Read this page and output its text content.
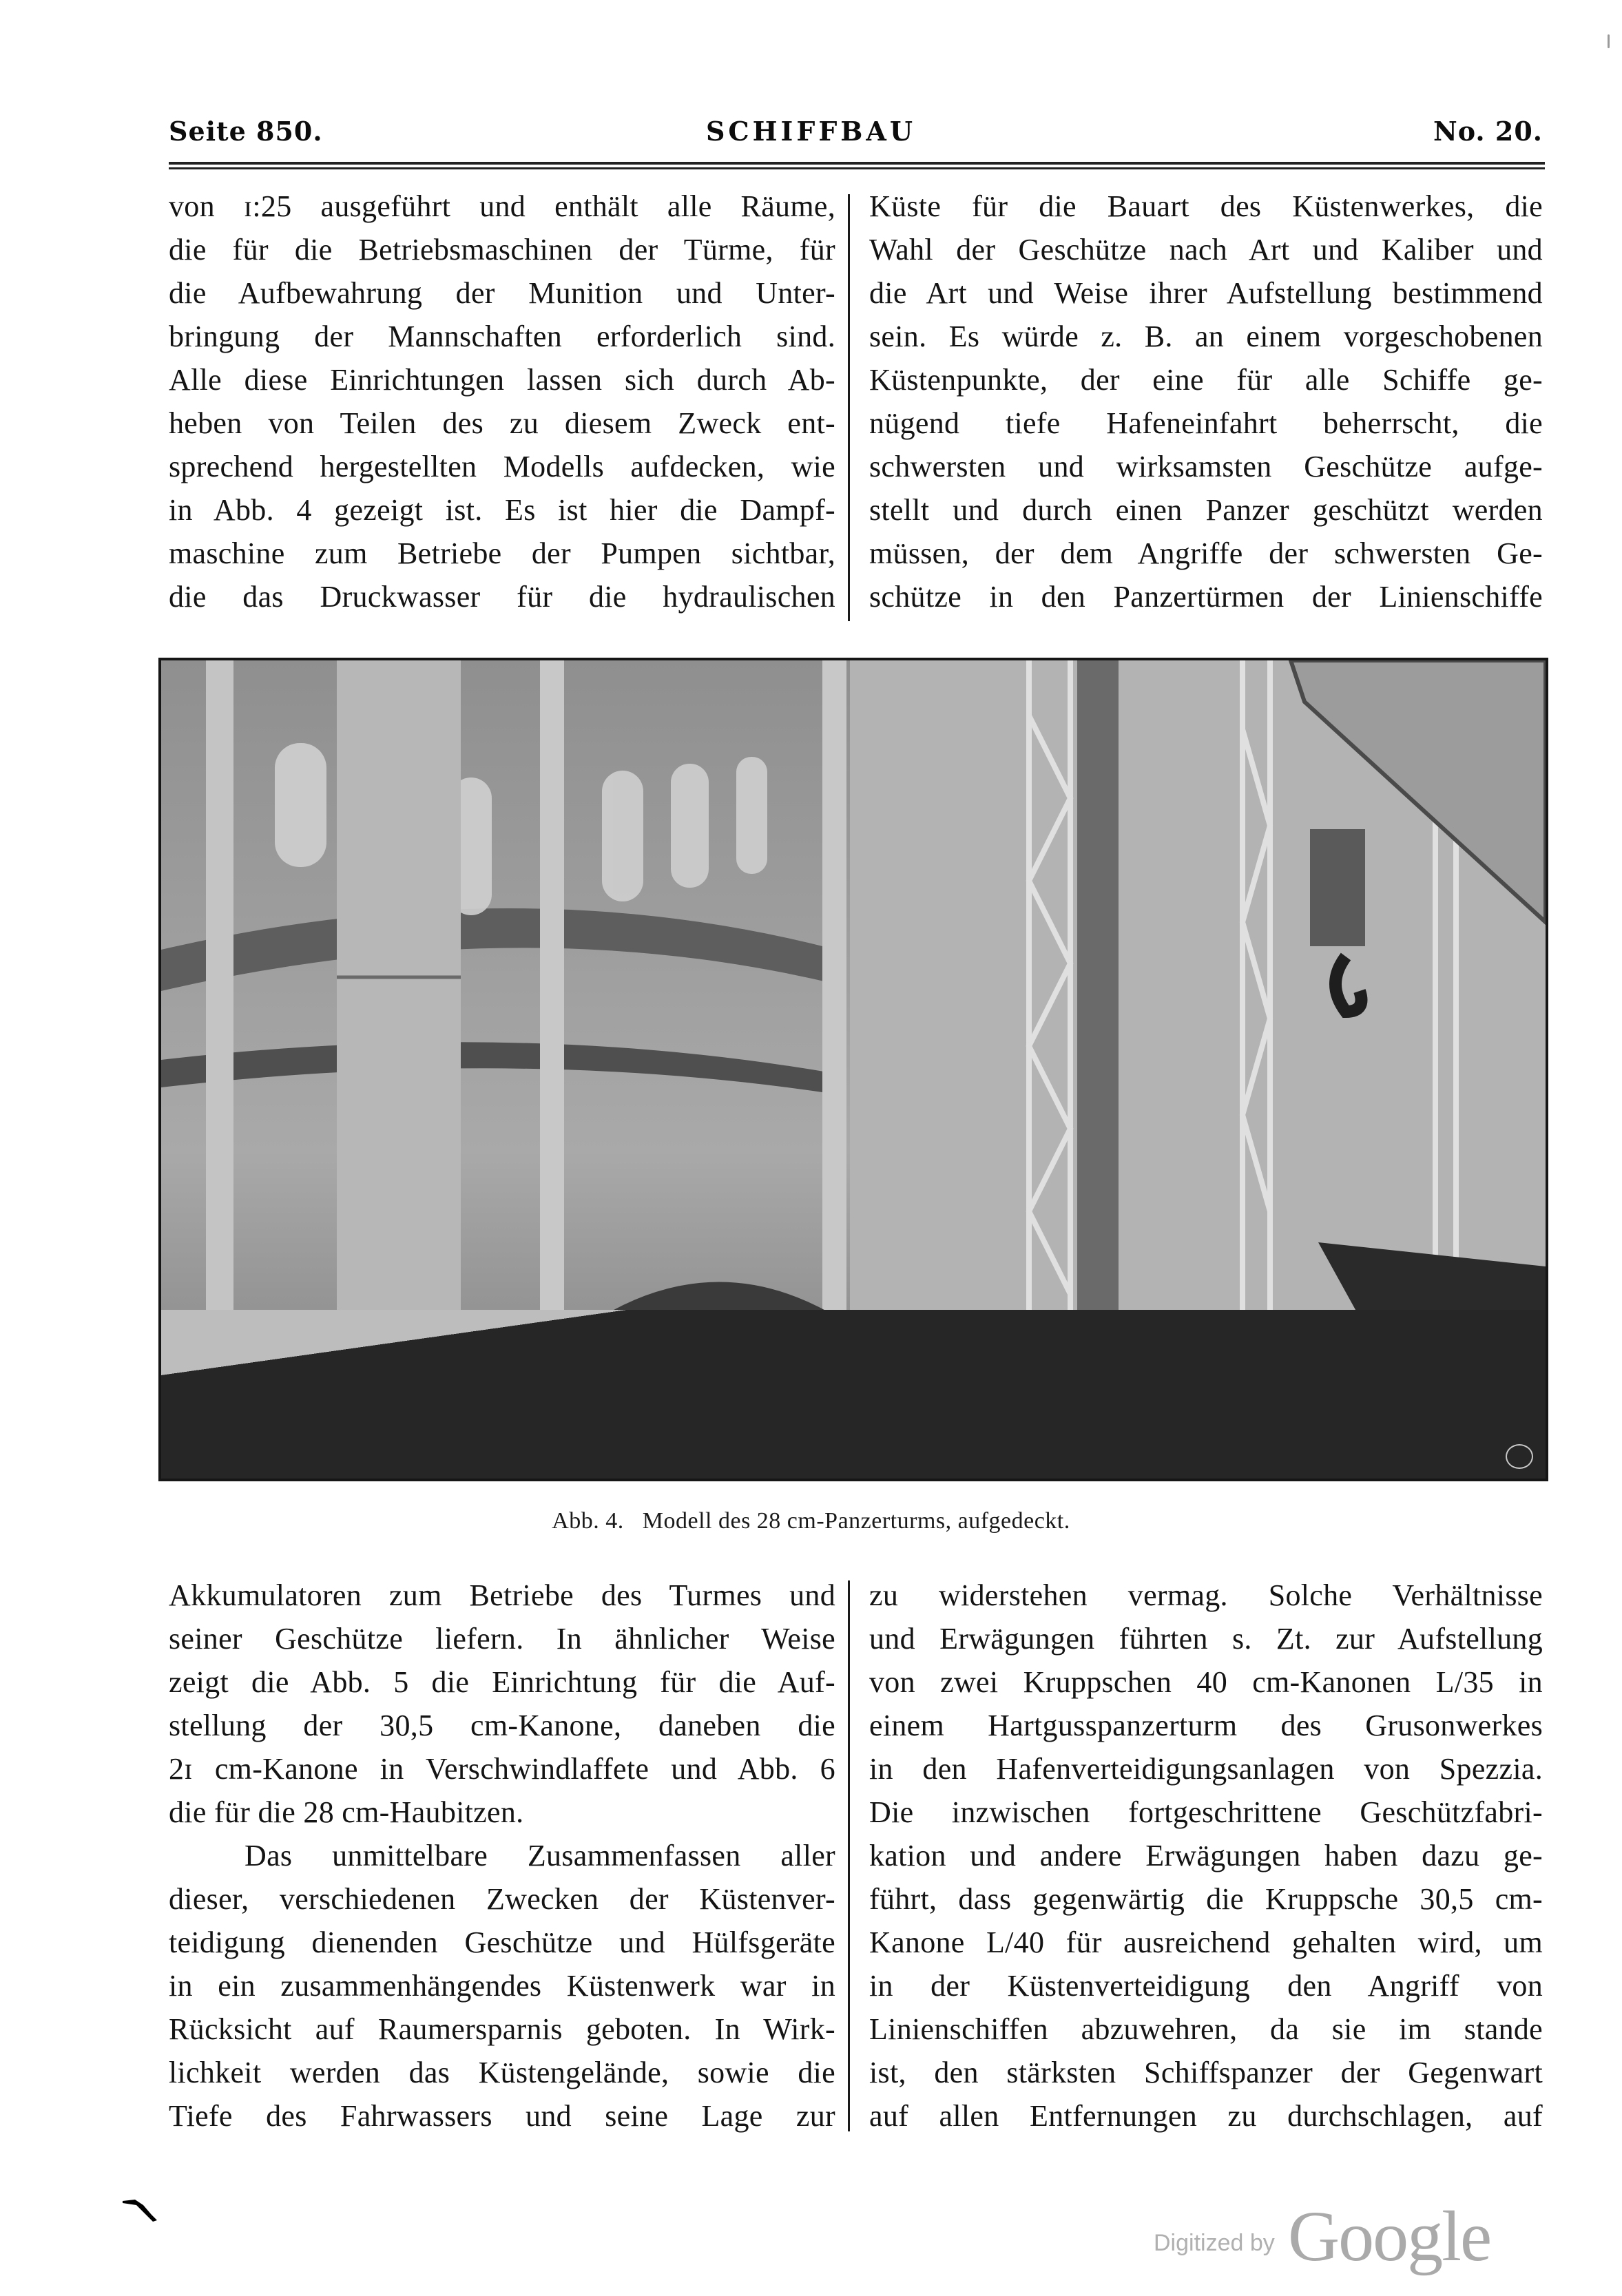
Seite 850.	SCHIFFBAU	No. 20.
von ɪ:25 ausgeführt und enthält alle Räume,
die für die Betriebsmaschinen der Türme, für
die Aufbewahrung der Munition und Unter-
bringung der Mannschaften erforderlich sind.
Alle diese Einrichtungen lassen sich durch Ab-
heben von Teilen des zu diesem Zweck ent-
sprechend hergestellten Modells aufdecken, wie
in Abb. 4 gezeigt ist. Es ist hier die Dampf-
maschine zum Betriebe der Pumpen sichtbar,
die das Druckwasser für die hydraulischen
Küste für die Bauart des Küstenwerkes, die
Wahl der Geschütze nach Art und Kaliber und
die Art und Weise ihrer Aufstellung bestimmend
sein. Es würde z. B. an einem vorgeschobenen
Küstenpunkte, der eine für alle Schiffe ge-
nügend tiefe Hafeneinfahrt beherrscht, die
schwersten und wirksamsten Geschütze aufge-
stellt und durch einen Panzer geschützt werden
müssen, der dem Angriffe der schwersten Ge-
schütze in den Panzertürmen der Linienschiffe
Abb. 4.   Modell des 28 cm-Panzerturms, aufgedeckt.
Akkumulatoren zum Betriebe des Turmes und
seiner Geschütze liefern. In ähnlicher Weise
zeigt die Abb. 5 die Einrichtung für die Auf-
stellung der 30,5 cm-Kanone, daneben die
2ɪ cm-Kanone in Verschwindlaffete und Abb. 6
die für die 28 cm-Haubitzen.
Das unmittelbare Zusammenfassen aller
dieser, verschiedenen Zwecken der Küstenver-
teidigung dienenden Geschütze und Hülfsgeräte
in ein zusammenhängendes Küstenwerk war in
Rücksicht auf Raumersparnis geboten. In Wirk-
lichkeit werden das Küstengelände, sowie die
Tiefe des Fahrwassers und seine Lage zur
zu widerstehen vermag. Solche Verhältnisse
und Erwägungen führten s. Zt. zur Aufstellung
von zwei Kruppschen 40 cm-Kanonen L/35 in
einem Hartgusspanzerturm des Grusonwerkes
in den Hafenverteidigungsanlagen von Spezzia.
Die inzwischen fortgeschrittene Geschützfabri-
kation und andere Erwägungen haben dazu ge-
führt, dass gegenwärtig die Kruppsche 30,5 cm-
Kanone L/40 für ausreichend gehalten wird, um
in der Küstenverteidigung den Angriff von
Linienschiffen abzuwehren, da sie im stande
ist, den stärksten Schiffspanzer der Gegenwart
auf allen Entfernungen zu durchschlagen, auf
Digitized by Google
